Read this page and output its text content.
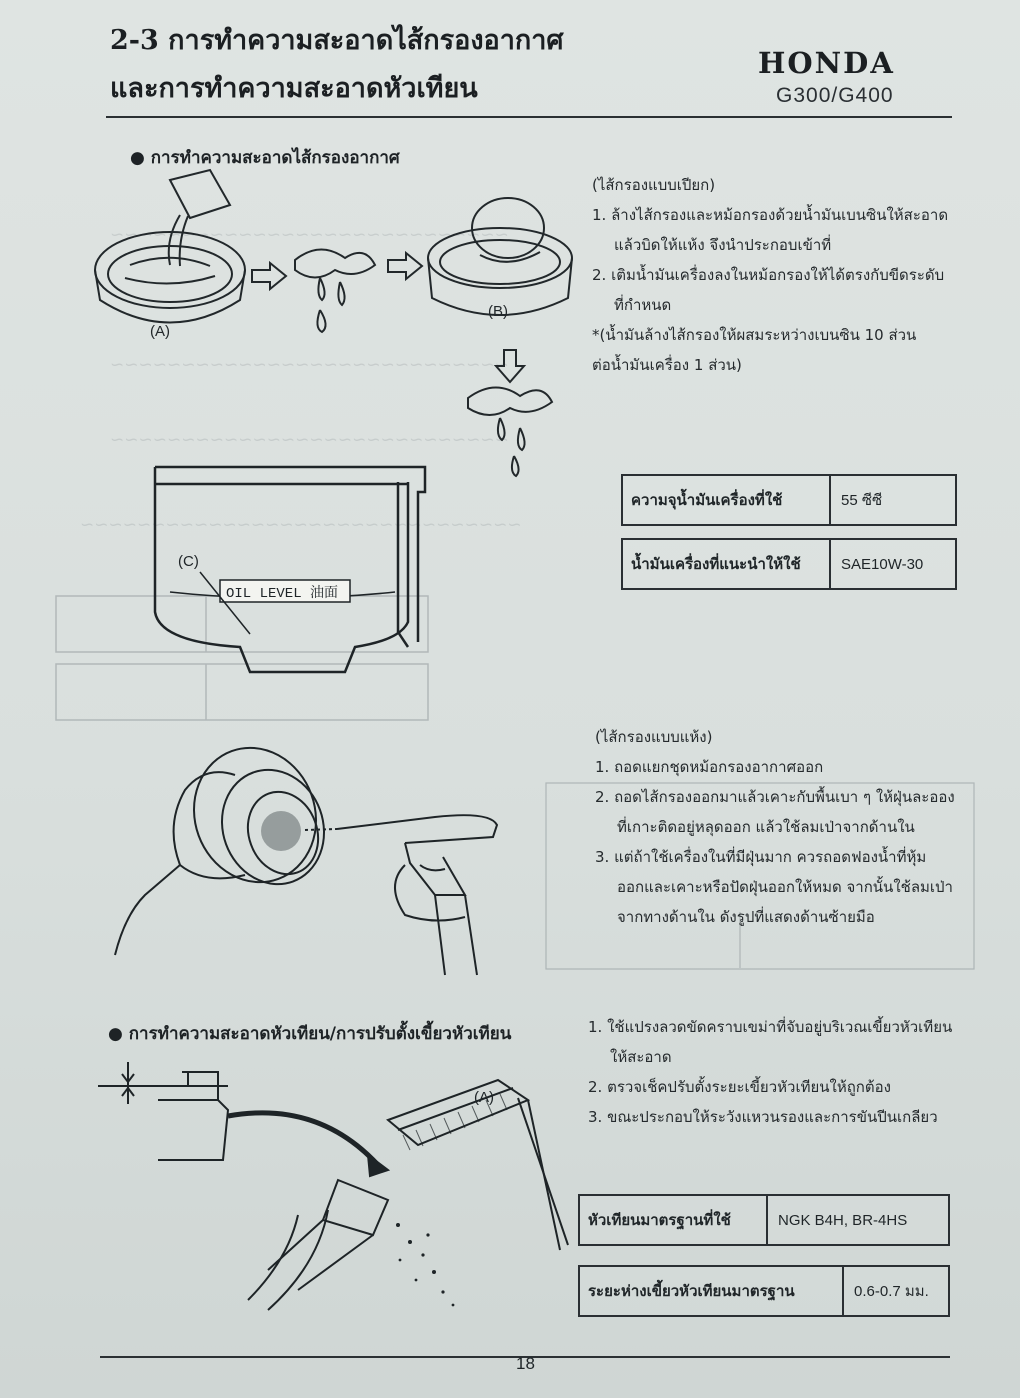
~~~~~~~~~~~~~~~~~~~~~~~~~~~~
~~~~~~~~~~~~~~~~~~~~~~~~~~~~
~~~~~~~~~~~~~~~~~~~~~~~~~~~~
~~~~~~~~~~~~~~~~~~~~~~~~~~~~~~~
2-3 การทำความสะอาดไส้กรองอากาศ
และการทำความสะอาดหัวเทียน
HONDA
G300/G400
● การทำความสะอาดไส้กรองอากาศ
(ไส้กรองแบบเปียก)
1. ล้างไส้กรองและหม้อกรองด้วยน้ำมันเบนซินให้สะอาด
แล้วบิดให้แห้ง จึงนำประกอบเข้าที่
2. เติมน้ำมันเครื่องลงในหม้อกรองให้ได้ตรงกับขีดระดับ
ที่กำหนด
*(น้ำมันล้างไส้กรองให้ผสมระหว่างเบนซิน 10 ส่วน
ต่อน้ำมันเครื่อง 1 ส่วน)
(A)
(B)
OIL LEVEL 油面
(C)
ความจุน้ำมันเครื่องที่ใช้	55 ซีซี
น้ำมันเครื่องที่แนะนำให้ใช้	SAE10W-30
(ไส้กรองแบบแห้ง)
1. ถอดแยกชุดหม้อกรองอากาศออก
2. ถอดไส้กรองออกมาแล้วเคาะกับพื้นเบา ๆ ให้ฝุ่นละออง
ที่เกาะติดอยู่หลุดออก แล้วใช้ลมเป่าจากด้านใน
3. แต่ถ้าใช้เครื่องในที่มีฝุ่นมาก ควรถอดฟองน้ำที่หุ้ม
ออกและเคาะหรือปัดฝุ่นออกให้หมด จากนั้นใช้ลมเป่า
จากทางด้านใน ดังรูปที่แสดงด้านซ้ายมือ
● การทำความสะอาดหัวเทียน/การปรับตั้งเขี้ยวหัวเทียน	1. ใช้แปรงลวดขัดคราบเขม่าที่จับอยู่บริเวณเขี้ยวหัวเทียน
ให้สะอาด
2. ตรวจเช็คปรับตั้งระยะเขี้ยวหัวเทียนให้ถูกต้อง
3. ขณะประกอบให้ระวังแหวนรองและการขันปีนเกลียว
(A)
หัวเทียนมาตรฐานที่ใช้	NGK B4H, BR-4HS
ระยะห่างเขี้ยวหัวเทียนมาตรฐาน	0.6-0.7 มม.
18
